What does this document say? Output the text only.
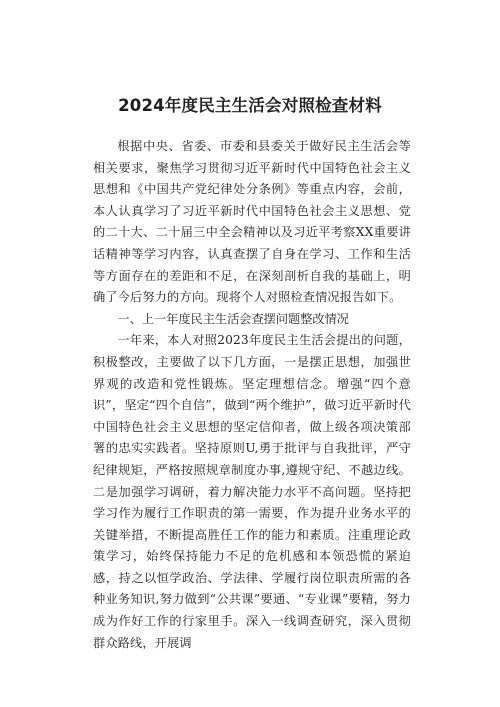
2024年度民主生活会对照检查材料

根据中央、省委、市委和县委关于做好民主生活会等相关要求，聚焦学习贯彻习近平新时代中国特色社会主义思想和《中国共产党纪律处分条例》等重点内容，会前，本人认真学习了习近平新时代中国特色社会主义思想、党的二十大、二十届三中全会精神以及习近平考察XX重要讲话精神等学习内容，认真查摆了自身在学习、工作和生活等方面存在的差距和不足，在深刻剖析自我的基础上，明确了今后努力的方向。现将个人对照检查情况报告如下。

一、上一年度民主生活会查摆问题整改情况

一年来，本人对照2023年度民主生活会提出的问题，积极整改，主要做了以下几方面，一是摆正思想，加强世界观的改造和党性锻炼。坚定理想信念。增强“四个意识”，坚定“四个自信”，做到“两个维护”，做习近平新时代中国特色社会主义思想的坚定信仰者，做上级各项决策部署的忠实实践者。坚持原则U,勇于批评与自我批评，严守纪律规矩，严格按照规章制度办事,遵规守纪、不越边线。二是加强学习调研，着力解决能力水平不高问题。坚持把学习作为履行工作职责的第一需要，作为提升业务水平的关键举措，不断提高胜任工作的能力和素质。注重理论政策学习，始终保持能力不足的危机感和本领恐慌的紧迫感，持之以恒学政治、学法律、学履行岗位职责所需的各种业务知识,努力做到“公共课”要通、“专业课”要精，努力成为作好工作的行家里手。深入一线调查研究，深入贯彻群众路线，开展调
